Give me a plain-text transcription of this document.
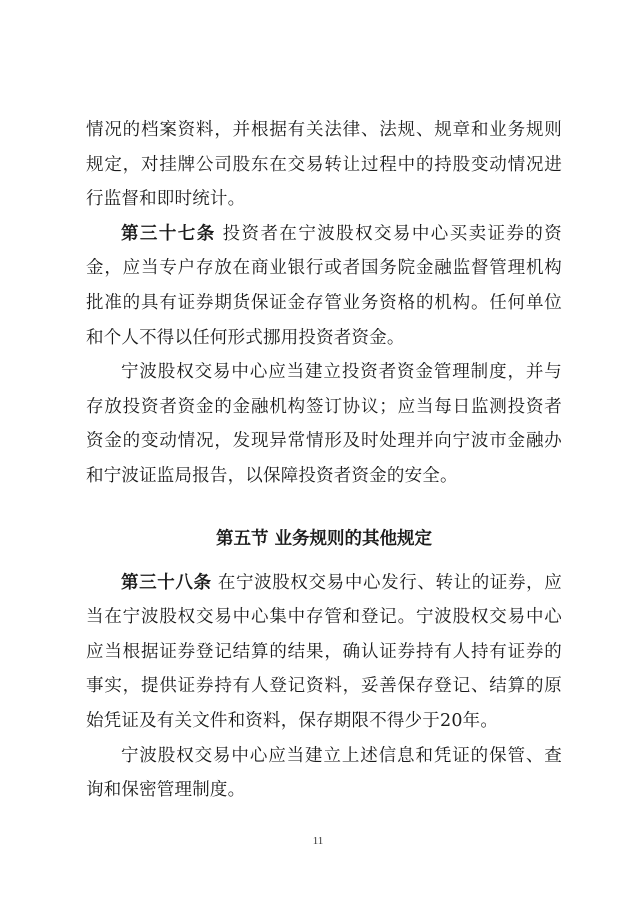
情况的档案资料，并根据有关法律、法规、规章和业务规则规定，对挂牌公司股东在交易转让过程中的持股变动情况进行监督和即时统计。

第三十七条 投资者在宁波股权交易中心买卖证券的资金，应当专户存放在商业银行或者国务院金融监督管理机构批准的具有证券期货保证金存管业务资格的机构。任何单位和个人不得以任何形式挪用投资者资金。

宁波股权交易中心应当建立投资者资金管理制度，并与存放投资者资金的金融机构签订协议；应当每日监测投资者资金的变动情况，发现异常情形及时处理并向宁波市金融办和宁波证监局报告，以保障投资者资金的安全。

第五节 业务规则的其他规定

第三十八条 在宁波股权交易中心发行、转让的证券，应当在宁波股权交易中心集中存管和登记。宁波股权交易中心应当根据证券登记结算的结果，确认证券持有人持有证券的事实，提供证券持有人登记资料，妥善保存登记、结算的原始凭证及有关文件和资料，保存期限不得少于20年。

宁波股权交易中心应当建立上述信息和凭证的保管、查询和保密管理制度。

11
